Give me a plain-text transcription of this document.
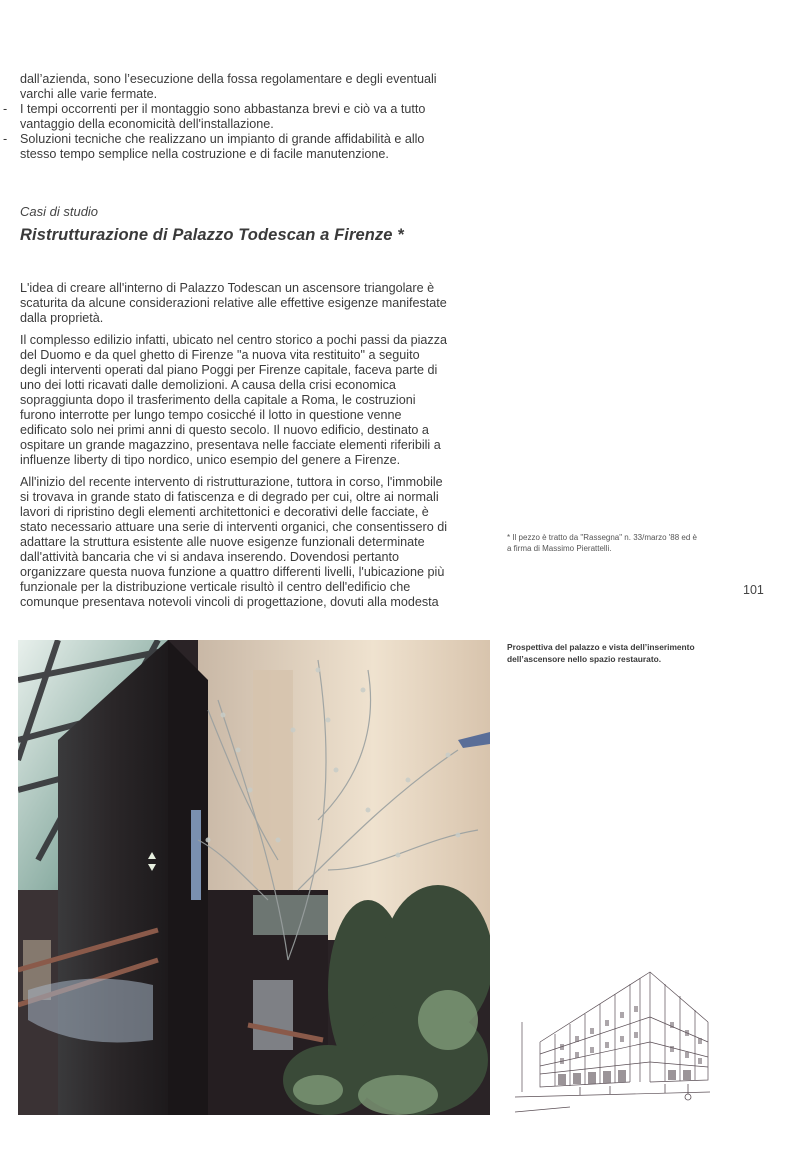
dall’azienda, sono l’esecuzione della fossa regolamentare e degli eventuali

varchi alle varie fermate.

- I tempi occorrenti per il montaggio sono abbastanza brevi e ciò va a tutto
vantaggio della economicità dell'installazione.
- Soluzioni tecniche che realizzano un impianto di grande affidabilità e allo
stesso tempo semplice nella costruzione e di facile manutenzione.
Casi di studio
Ristrutturazione di Palazzo Todescan a Firenze *

L'idea di creare all'interno di Palazzo Todescan un ascensore triangolare è
scaturita da alcune considerazioni relative alle effettive esigenze manifestate
dalla proprietà.

Il complesso edilizio infatti, ubicato nel centro storico a pochi passi da piazza
del Duomo e da quel ghetto di Firenze "a nuova vita restituito" a seguito
degli interventi operati dal piano Poggi per Firenze capitale, faceva parte di
uno dei lotti ricavati dalle demolizioni. A causa della crisi economica
sopraggiunta dopo il trasferimento della capitale a Roma, le costruzioni
furono interrotte per lungo tempo cosicché il lotto in questione venne
edificato solo nei primi anni di questo secolo. Il nuovo edificio, destinato a
ospitare un grande magazzino, presentava nelle facciate elementi riferibili a
influenze liberty di tipo nordico, unico esempio del genere a Firenze.

All'inizio del recente intervento di ristrutturazione, tuttora in corso, l'immobile
si trovava in grande stato di fatiscenza e di degrado per cui, oltre ai normali
lavori di ripristino degli elementi architettonici e decorativi delle facciate, è
stato necessario attuare una serie di interventi organici, che consentissero di
adattare la struttura esistente alle nuove esigenze funzionali determinate
dall'attività bancaria che vi si andava inserendo. Dovendosi pertanto
organizzare questa nuova funzione a quattro differenti livelli, l'ubicazione più
funzionale per la distribuzione verticale risultò il centro dell'edificio che
comunque presentava notevoli vincoli di progettazione, dovuti alla modesta

* Il pezzo è tratto da "Rassegna" n. 33/marzo '88 ed è
a firma di Massimo Pierattelli.
101
Prospettiva del palazzo e vista dell’inserimento
dell’ascensore nello spazio restaurato.
